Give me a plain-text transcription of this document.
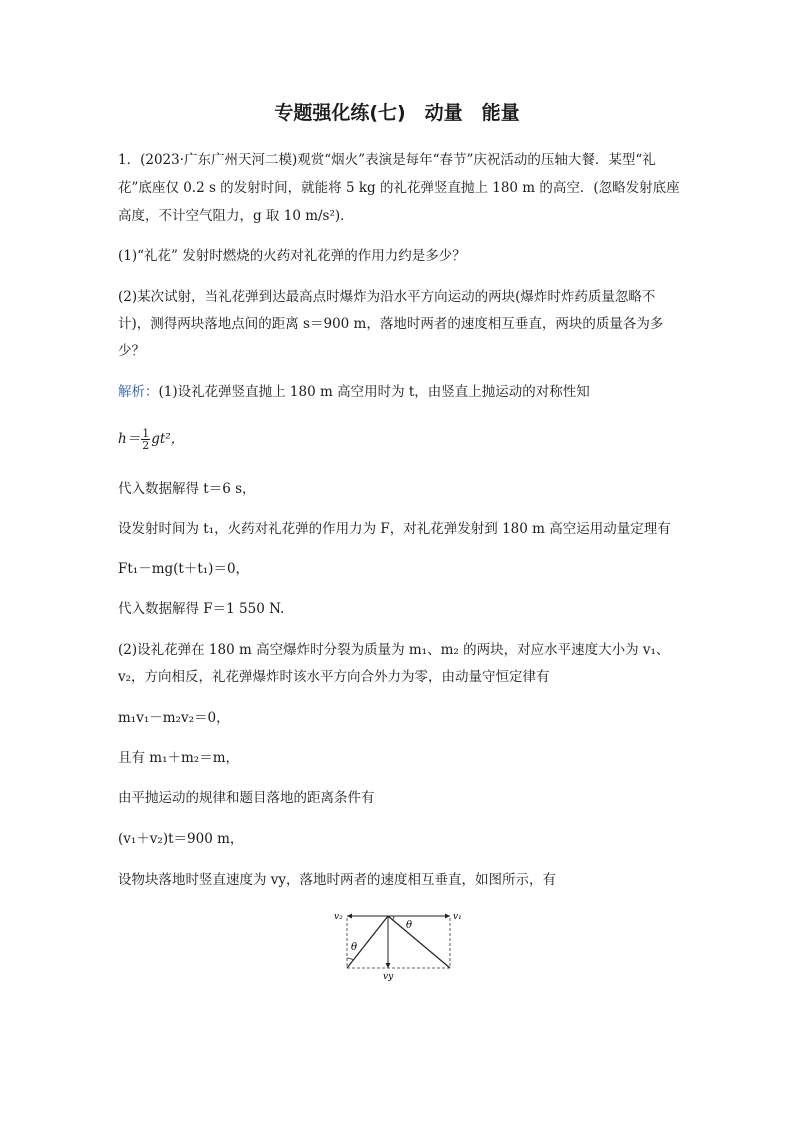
专题强化练(七)　动量　能量
1．(2023·广东广州天河二模)观赏“烟火”表演是每年“春节”庆祝活动的压轴大餐．某型“礼
花”底座仅 0.2 s 的发射时间，就能将 5 kg 的礼花弹竖直抛上 180 m 的高空．(忽略发射底座
高度，不计空气阻力，g 取 10 m/s²)．
(1)“礼花” 发射时燃烧的火药对礼花弹的作用力约是多少？
(2)某次试射，当礼花弹到达最高点时爆炸为沿水平方向运动的两块(爆炸时炸药质量忽略不
计)，测得两块落地点间的距离 s＝900 m，落地时两者的速度相互垂直，两块的质量各为多
少？
解析：(1)设礼花弹竖直抛上 180 m 高空用时为 t，由竖直上抛运动的对称性知
$h= \frac{1}{2} gt^2$，
代入数据解得 t＝6 s，
设发射时间为 t₁，火药对礼花弹的作用力为 F，对礼花弹发射到 180 m 高空运用动量定理有
Ft₁－mg(t＋t₁)＝0，
代入数据解得 F＝1 550 N.
(2)设礼花弹在 180 m 高空爆炸时分裂为质量为 m₁、m₂ 的两块，对应水平速度大小为 v₁、
v₂，方向相反，礼花弹爆炸时该水平方向合外力为零，由动量守恒定律有
m₁v₁－m₂v₂＝0，
且有 m₁＋m₂＝m，
由平抛运动的规律和题目落地的距离条件有
(v₁＋v₂)t＝900 m，
设物块落地时竖直速度为 vy，落地时两者的速度相互垂直，如图所示，有
v₂	v₁
vy
θ
θ
